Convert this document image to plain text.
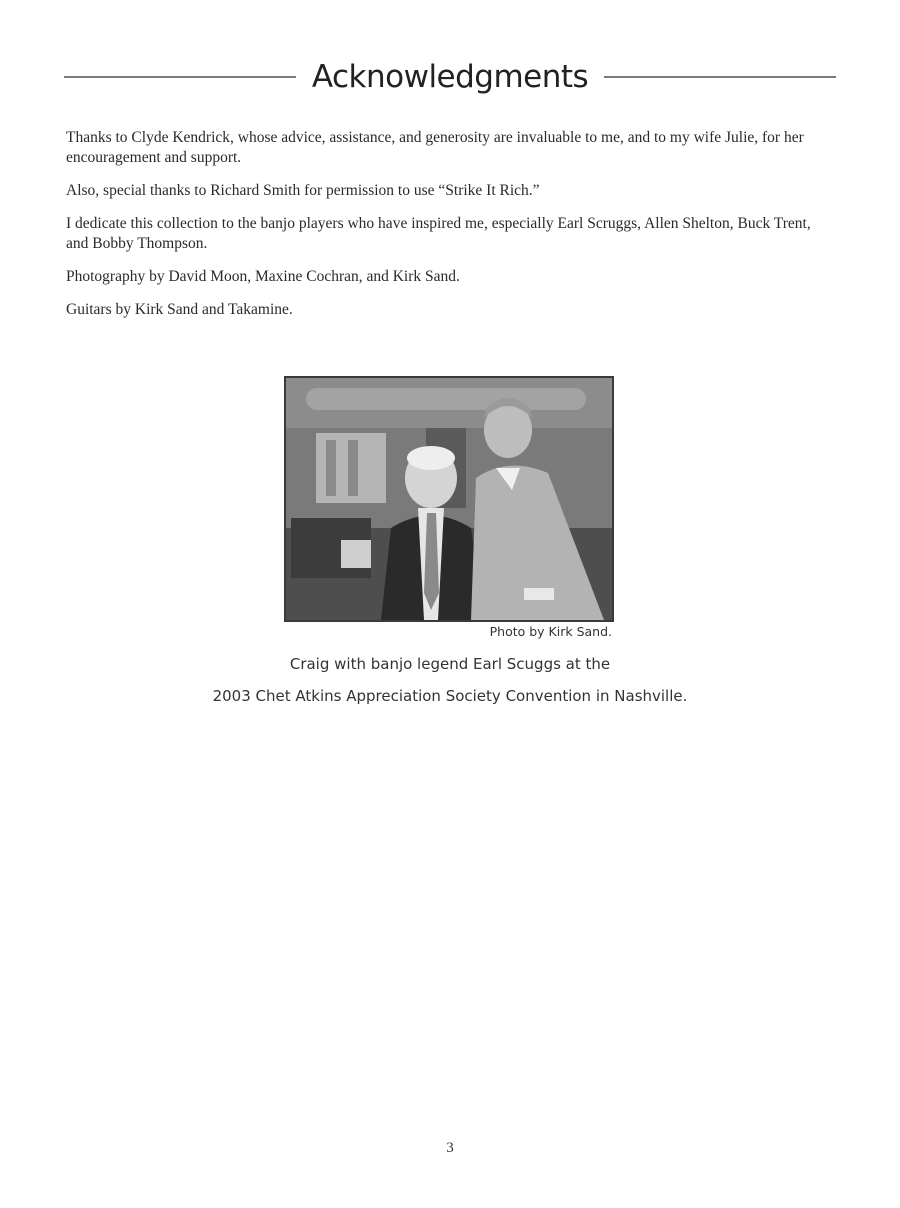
Acknowledgments

Thanks to Clyde Kendrick, whose advice, assistance, and generosity are invaluable to me, and to my wife Julie, for her encouragement and support.

Also, special thanks to Richard Smith for permission to use “Strike It Rich.”

I dedicate this collection to the banjo players who have inspired me, especially Earl Scruggs, Allen Shelton, Buck Trent, and Bobby Thompson.

Photography by David Moon, Maxine Cochran, and Kirk Sand.

Guitars by Kirk Sand and Takamine.

Photo by Kirk Sand.
Craig with banjo legend Earl Scuggs at the
2003 Chet Atkins Appreciation Society Convention in Nashville.
3
